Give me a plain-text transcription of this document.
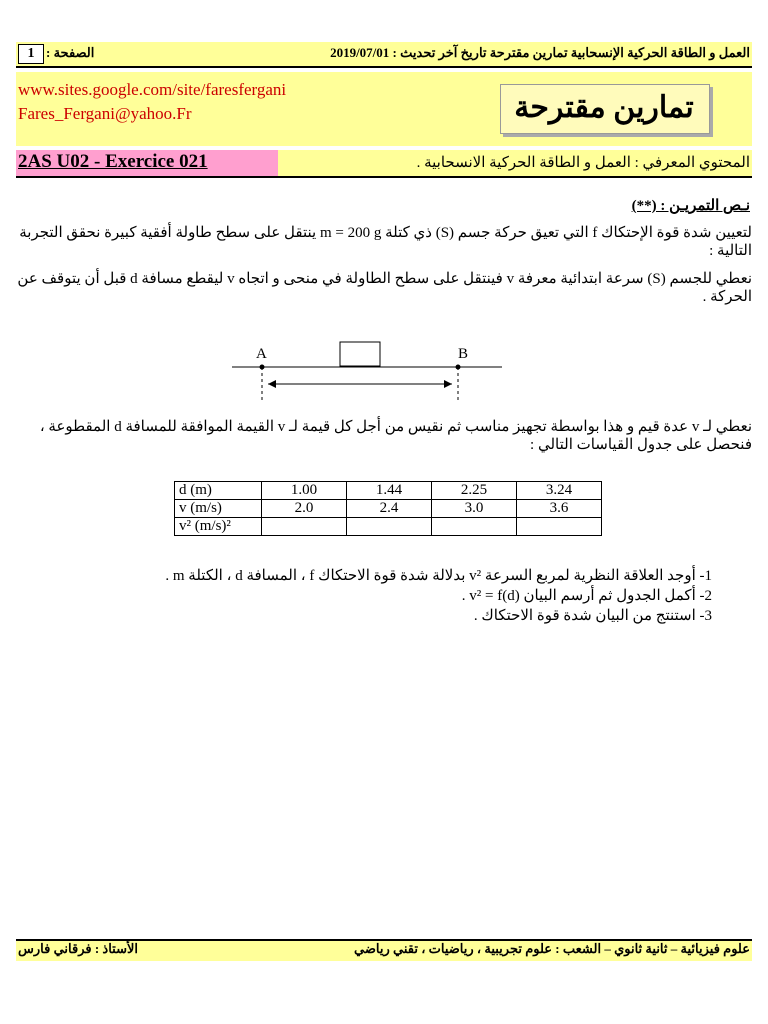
1 الصفحة :	العمل و الطاقة الحركية الإنسحابية تمارين مقترحة تاريخ آخر تحديث : 2019/07/01
www.sites.google.com/site/faresfergani
Fares_Fergani@yahoo.Fr	تمارين مقترحة
2AS U02 - Exercice 021	المحتوي المعرفي : العمل و الطاقة الحركية الانسحابية .
نـص التمريـن : (**)
لتعيين شدة قوة الإحتكاك f التي تعيق حركة جسم (S) ذي كتلة m = 200 g ينتقل على سطح طاولة أفقية كبيرة نحقق التجربة التالية :
نعطي للجسم (S) سرعة ابتدائية معرفة v فينتقل على سطح الطاولة في منحى و اتجاه v ليقطع مسافة d قبل أن يتوقف عن الحركة .
A	B
نعطي لـ v عدة قيم و هذا بواسطة تجهيز مناسب ثم نقيس من أجل كل قيمة لـ v القيمة الموافقة للمسافة d المقطوعة ، فنحصل على جدول القياسات التالي :
d (m)	1.00	1.44	2.25	3.24
v (m/s)	2.0	2.4	3.0	3.6
v² (m/s)²				
1- أوجد العلاقة النظرية لمربع السرعة v² بدلالة شدة قوة الاحتكاك f ، المسافة d ، الكتلة m .
2- أكمل الجدول ثم أرسم البيان v² = f(d) .
3- استنتج من البيان شدة قوة الاحتكاك .
الأستاذ : فرقاني فارس	علوم فيزيائية – ثانية ثانوي – الشعب : علوم تجريبية ، رياضيات ، تقني رياضي
